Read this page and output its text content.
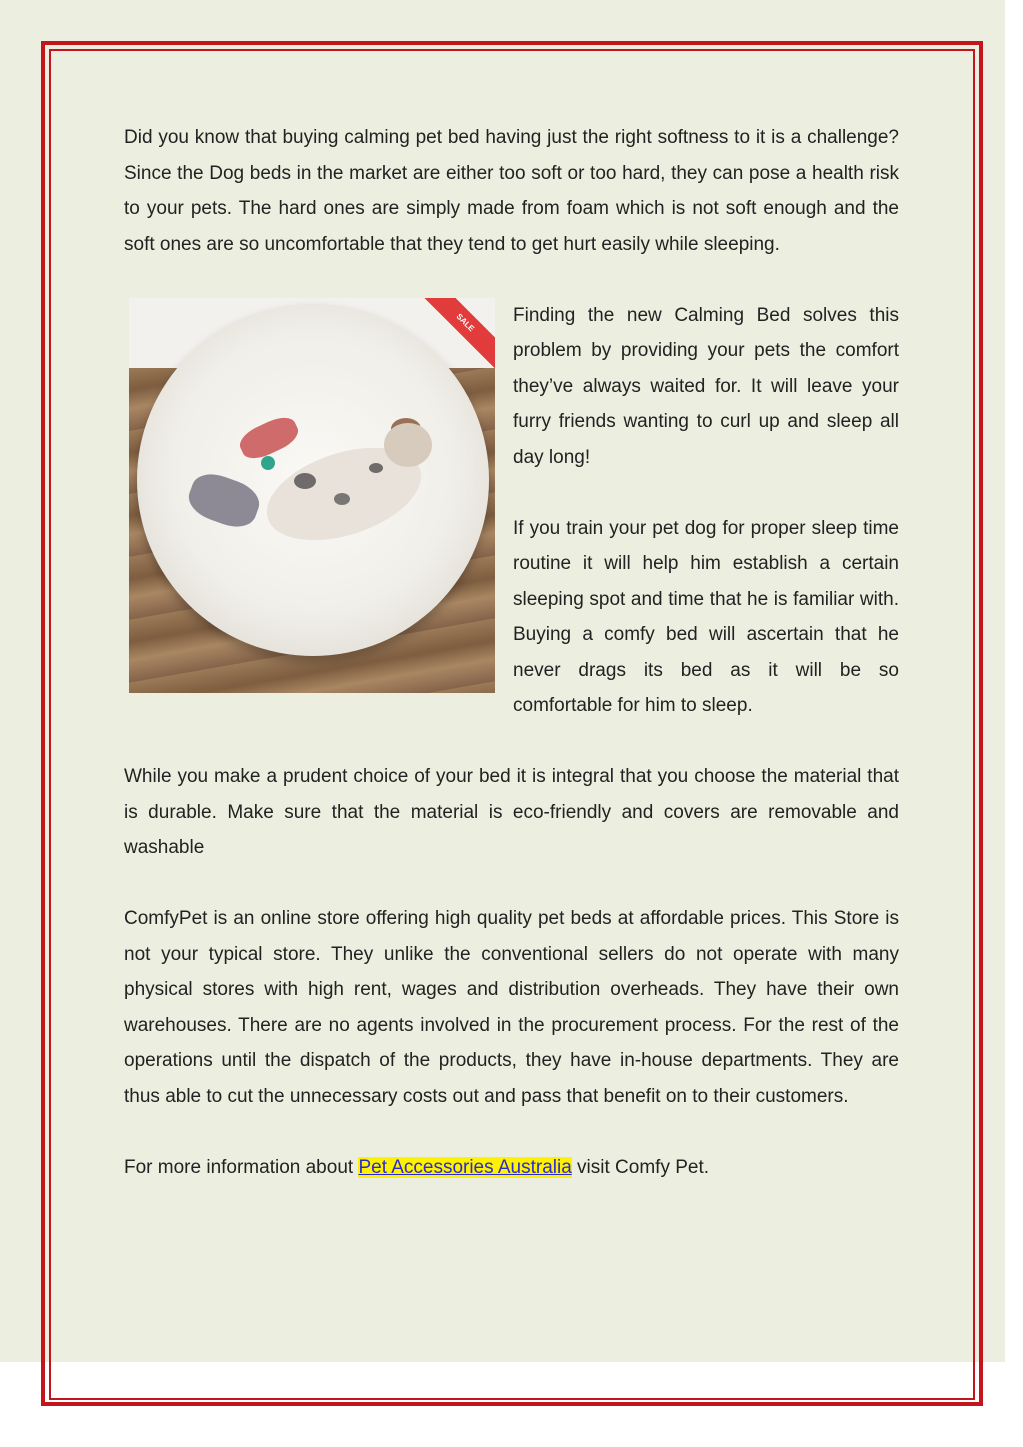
Did you know that buying calming pet bed having just the right softness to it is a challenge? Since the Dog beds in the market are either too soft or too hard, they can pose a health risk to your pets. The hard ones are simply made from foam which is not soft enough and the soft ones are so uncomfortable that they tend to get hurt easily while sleeping.

SALE	Finding the new Calming Bed solves this problem by providing your pets the comfort they’ve always waited for. It will leave your furry friends wanting to curl up and sleep all day long!

If you train your pet dog for proper sleep time routine it will help him establish a certain sleeping spot and time that he is familiar with. Buying a comfy bed will ascertain that he never drags its bed as it will be so comfortable for him to sleep.

While you make a prudent choice of your bed it is integral that you choose the material that is durable. Make sure that the material is eco-friendly and covers are removable and washable

ComfyPet is an online store offering high quality pet beds at affordable prices. This Store is not your typical store. They unlike the conventional sellers do not operate with many physical stores with high rent, wages and distribution overheads. They have their own warehouses. There are no agents involved in the procurement process. For the rest of the operations until the dispatch of the products, they have in-house departments. They are thus able to cut the unnecessary costs out and pass that benefit on to their customers.

For more information about Pet Accessories Australia visit Comfy Pet.
